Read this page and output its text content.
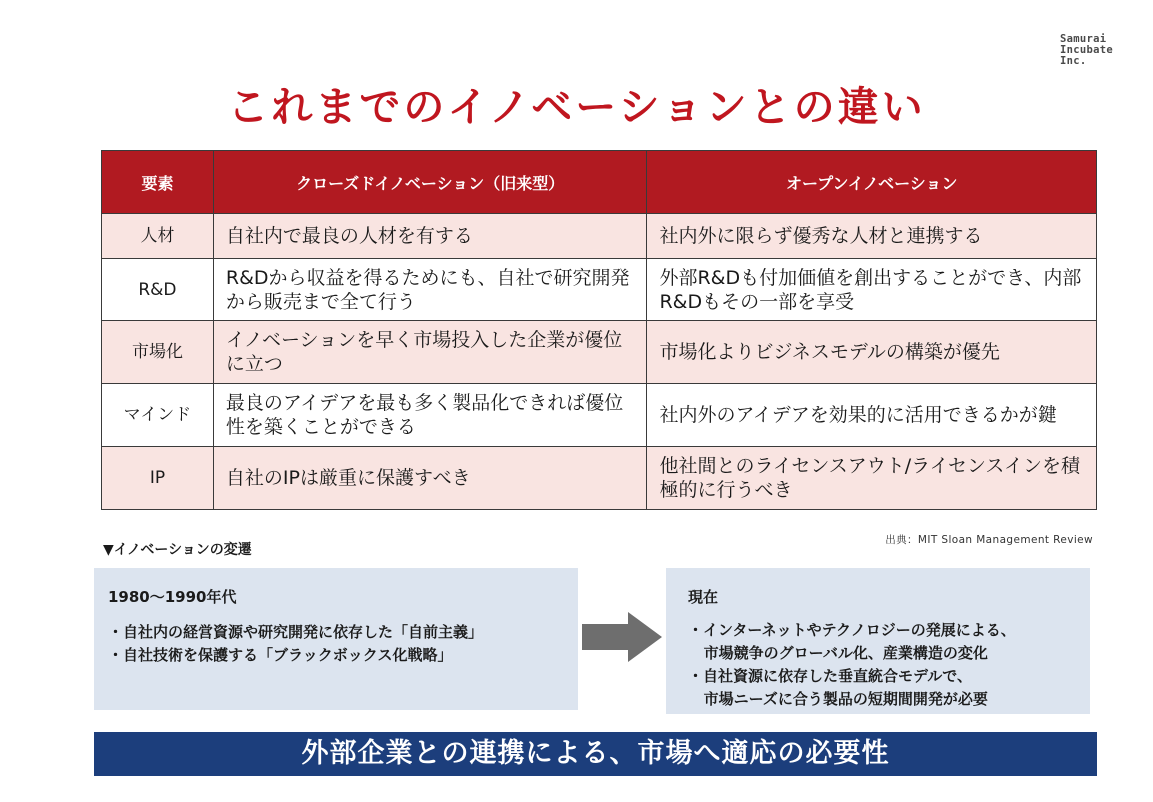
Samurai
Incubate
Inc.
これまでのイノベーションとの違い
要素	クローズドイノベーション（旧来型）	オープンイノベーション
人材	自社内で最良の人材を有する	社内外に限らず優秀な人材と連携する
R&D	R&Dから収益を得るためにも、自社で研究開発から販売まで全て行う	外部R&Dも付加価値を創出することができ、内部R&Dもその一部を享受
市場化	イノベーションを早く市場投入した企業が優位に立つ	市場化よりビジネスモデルの構築が優先
マインド	最良のアイデアを最も多く製品化できれば優位性を築くことができる	社内外のアイデアを効果的に活用できるかが鍵
IP	自社のIPは厳重に保護すべき	他社間とのライセンスアウト/ライセンスインを積極的に行うべき
出典：MIT Sloan Management Review
▼イノベーションの変遷
1980〜1990年代
・自社内の経営資源や研究開発に依存した「自前主義」
・自社技術を保護する「ブラックボックス化戦略」
現在
・インターネットやテクノロジーの発展による、
市場競争のグローバル化、産業構造の変化
・自社資源に依存した垂直統合モデルで、
市場ニーズに合う製品の短期間開発が必要
外部企業との連携による、市場へ適応の必要性
